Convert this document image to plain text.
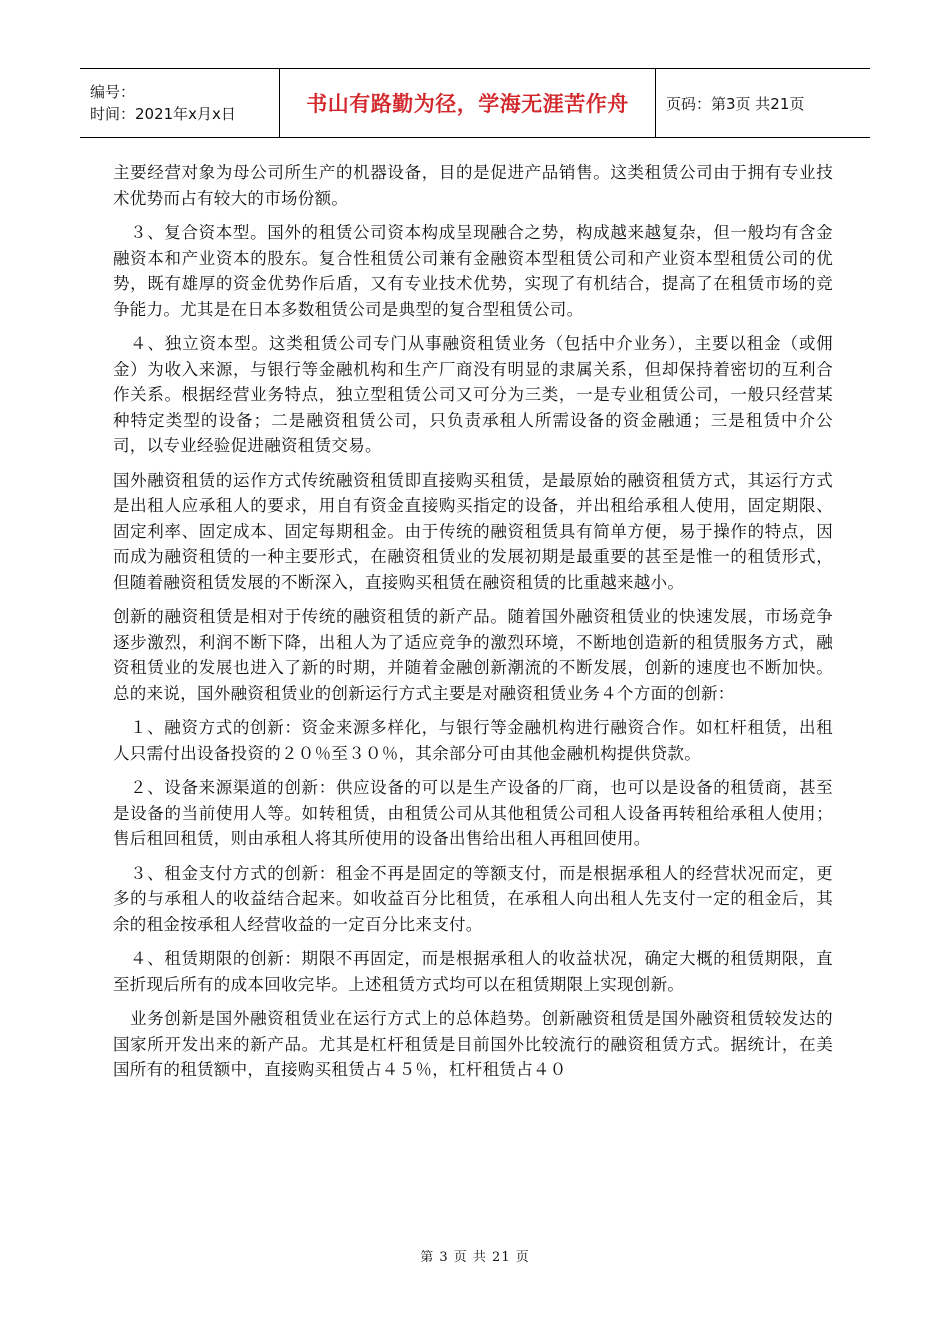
编号：
时间：2021年x月x日	书山有路勤为径，学海无涯苦作舟 页码：第3页 共21页

主要经营对象为母公司所生产的机器设备，目的是促进产品销售。这类租赁公司由于拥有专业技术优势而占有较大的市场份额。

３、复合资本型。国外的租赁公司资本构成呈现融合之势，构成越来越复杂，但一般均有含金融资本和产业资本的股东。复合性租赁公司兼有金融资本型租赁公司和产业资本型租赁公司的优势，既有雄厚的资金优势作后盾，又有专业技术优势，实现了有机结合，提高了在租赁市场的竞争能力。尤其是在日本多数租赁公司是典型的复合型租赁公司。

４、独立资本型。这类租赁公司专门从事融资租赁业务（包括中介业务），主要以租金（或佣金）为收入来源，与银行等金融机构和生产厂商没有明显的隶属关系，但却保持着密切的互利合作关系。根据经营业务特点，独立型租赁公司又可分为三类，一是专业租赁公司，一般只经营某种特定类型的设备；二是融资租赁公司，只负责承租人所需设备的资金融通；三是租赁中介公司，以专业经验促进融资租赁交易。

国外融资租赁的运作方式传统融资租赁即直接购买租赁，是最原始的融资租赁方式，其运行方式是出租人应承租人的要求，用自有资金直接购买指定的设备，并出租给承租人使用，固定期限、固定利率、固定成本、固定每期租金。由于传统的融资租赁具有简单方便，易于操作的特点，因而成为融资租赁的一种主要形式，在融资租赁业的发展初期是最重要的甚至是惟一的租赁形式，但随着融资租赁发展的不断深入，直接购买租赁在融资租赁的比重越来越小。

创新的融资租赁是相对于传统的融资租赁的新产品。随着国外融资租赁业的快速发展，市场竞争逐步激烈，利润不断下降，出租人为了适应竞争的激烈环境，不断地创造新的租赁服务方式，融资租赁业的发展也进入了新的时期，并随着金融创新潮流的不断发展，创新的速度也不断加快。总的来说，国外融资租赁业的创新运行方式主要是对融资租赁业务４个方面的创新：

１、融资方式的创新：资金来源多样化，与银行等金融机构进行融资合作。如杠杆租赁，出租人只需付出设备投资的２０％至３０％，其余部分可由其他金融机构提供贷款。

２、设备来源渠道的创新：供应设备的可以是生产设备的厂商，也可以是设备的租赁商，甚至是设备的当前使用人等。如转租赁，由租赁公司从其他租赁公司租人设备再转租给承租人使用；售后租回租赁，则由承租人将其所使用的设备出售给出租人再租回使用。

３、租金支付方式的创新：租金不再是固定的等额支付，而是根据承租人的经营状况而定，更多的与承租人的收益结合起来。如收益百分比租赁，在承租人向出租人先支付一定的租金后，其余的租金按承租人经营收益的一定百分比来支付。

４、租赁期限的创新：期限不再固定，而是根据承租人的收益状况，确定大概的租赁期限，直至折现后所有的成本回收完毕。上述租赁方式均可以在租赁期限上实现创新。

业务创新是国外融资租赁业在运行方式上的总体趋势。创新融资租赁是国外融资租赁较发达的国家所开发出来的新产品。尤其是杠杆租赁是目前国外比较流行的融资租赁方式。据统计，在美国所有的租赁额中，直接购买租赁占４５％，杠杆租赁占４０

第 3 页 共 21 页
